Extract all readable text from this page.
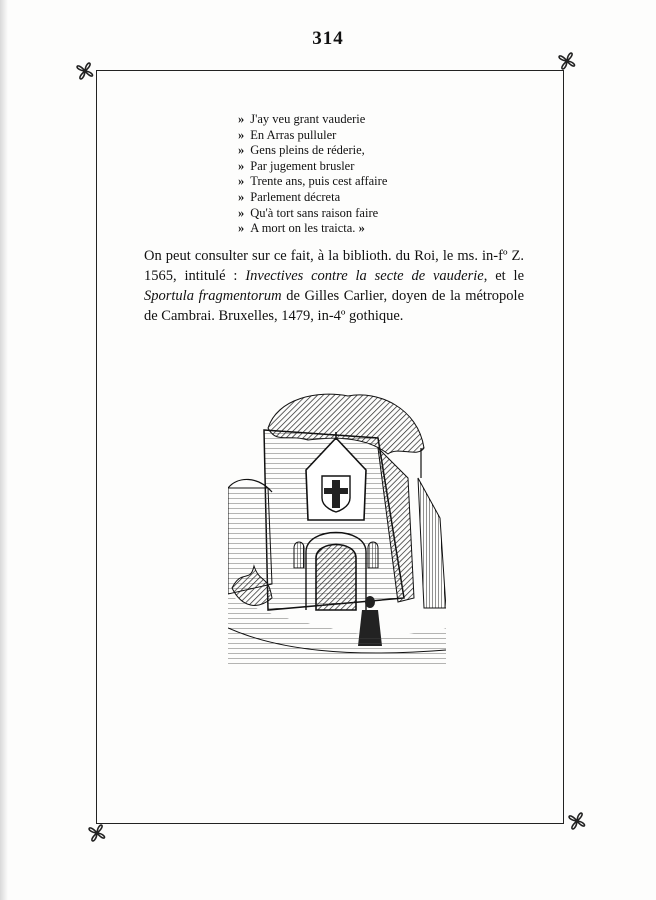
314
» J'ay veu grant vauderie
» En Arras pulluler
» Gens pleins de réderie,
» Par jugement brusler
» Trente ans, puis cest affaire
» Parlement décreta
» Qu'à tort sans raison faire
» A mort on les traicta. »

On peut consulter sur ce fait, à la biblioth. du Roi, le ms. in-fº Z. 1565, intitulé : Invectives contre la secte de vauderie, et le Sportula fragmentorum de Gilles Carlier, doyen de la métropole de Cambrai. Bruxelles, 1479, in-4º gothique.
